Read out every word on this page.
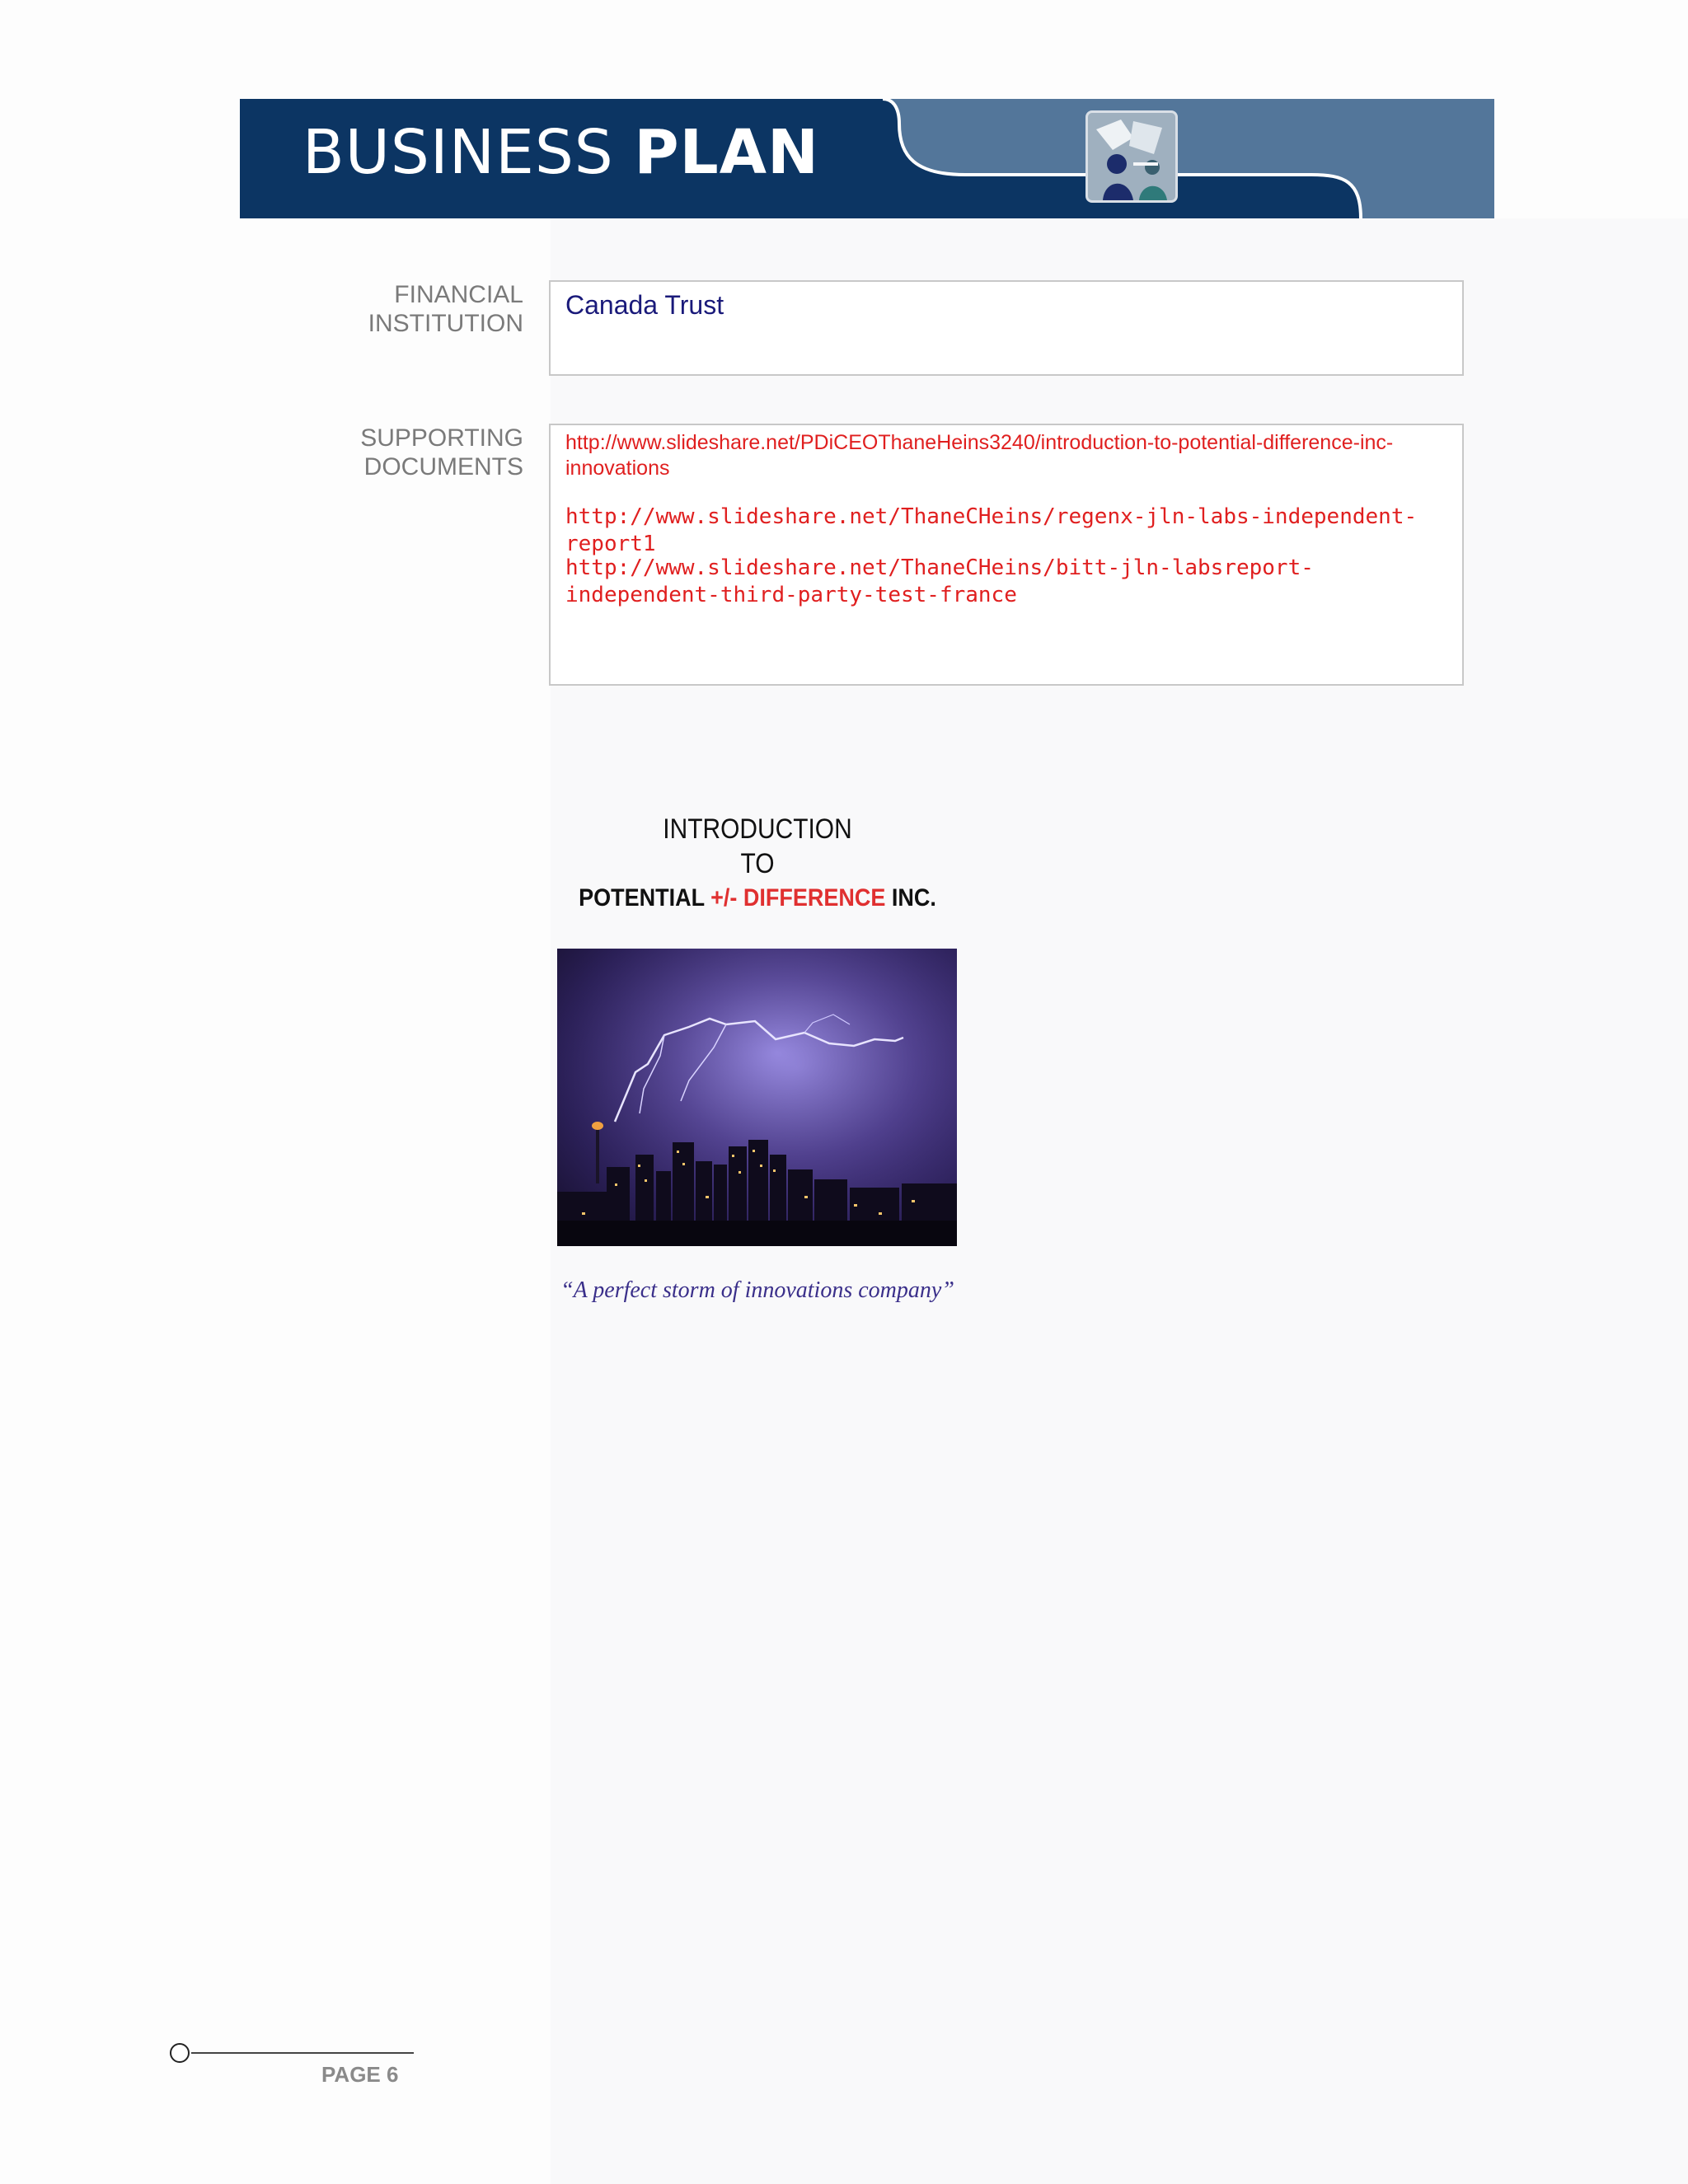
BUSINESS PLAN
FINANCIAL INSTITUTION
Canada Trust
SUPPORTING DOCUMENTS
http://www.slideshare.net/PDiCEOThaneHeins3240/introduction-to-potential-difference-inc-innovations
http://www.slideshare.net/ThaneCHeins/regenx-jln-labs-independent-report1
http://www.slideshare.net/ThaneCHeins/bitt-jln-labsreport-independent-third-party-test-france
INTRODUCTION
TO
POTENTIAL +/- DIFFERENCE INC.
“A perfect storm of innovations company”
PAGE 6
